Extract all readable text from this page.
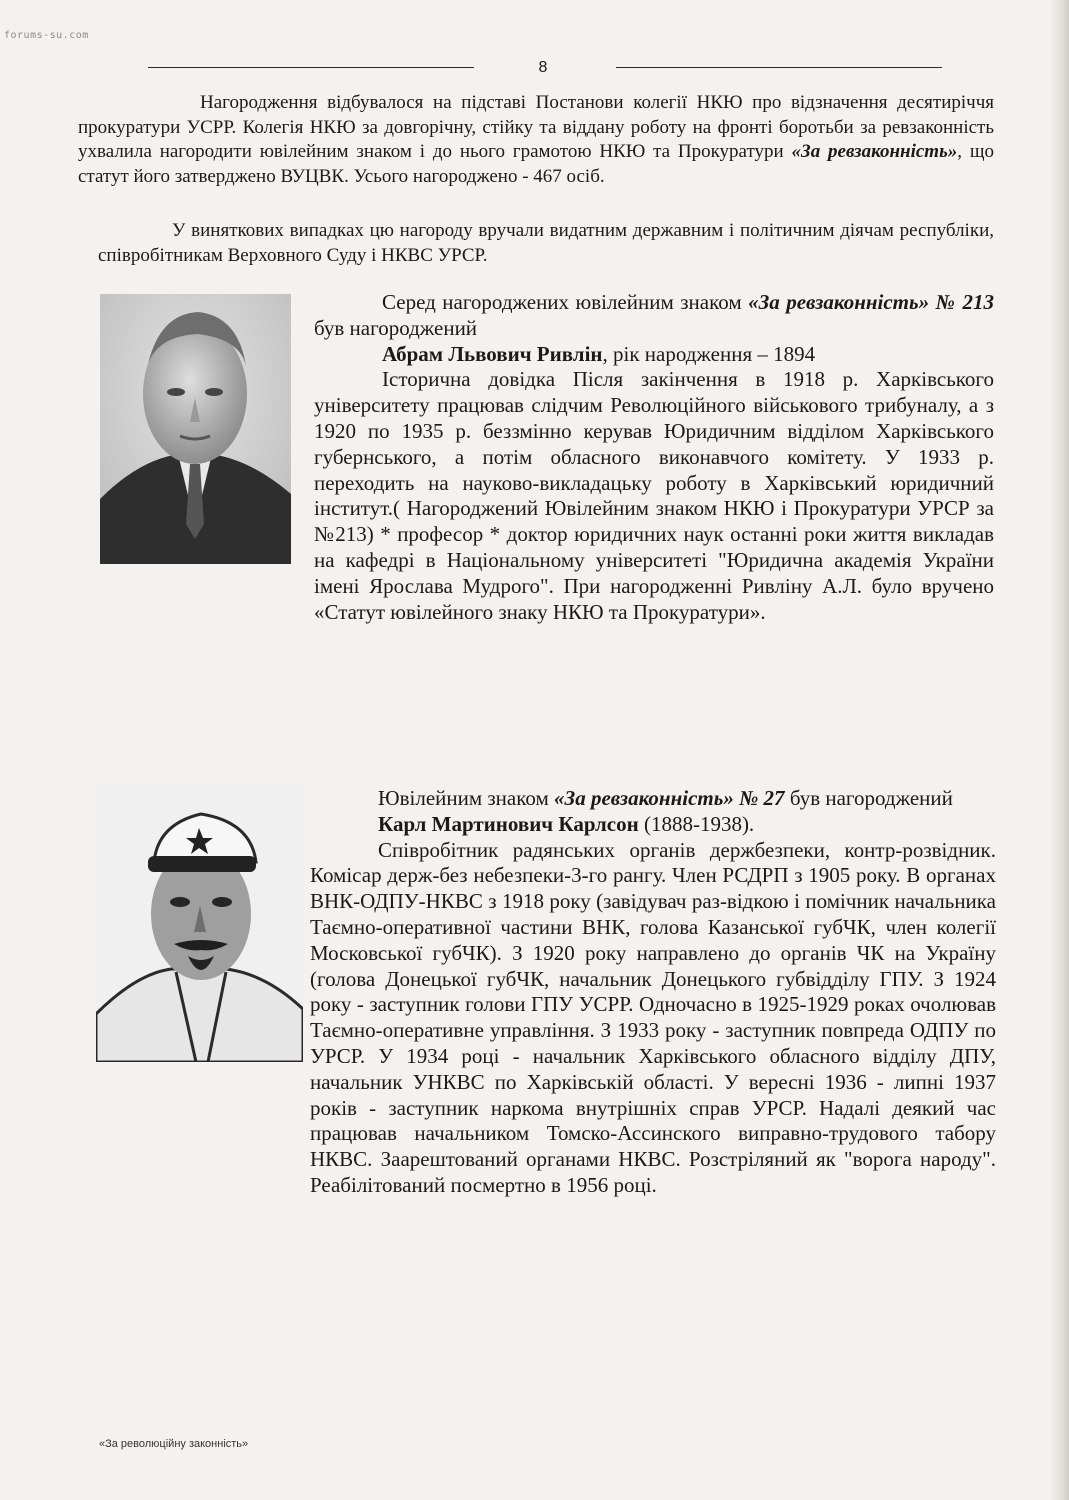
forums-su.com
8
Нагородження відбувалося на підставі Постанови колегії НКЮ про відзначення десятиріччя прокуратури УСРР. Колегія НКЮ за довгорічну, стійку та віддану роботу на фронті боротьби за ревзаконність ухвалила нагородити ювілейним знаком і до нього грамотою НКЮ та Прокуратури «За ревзаконність», що статут його затверджено ВУЦВК. Усього нагороджено - 467 осіб.
У виняткових випадках цю нагороду вручали видатним державним і політичним діячам республіки, співробітникам Верховного Суду і НКВС УРСР.

Серед нагороджених ювілейним знаком «За ревзаконність» № 213 був нагороджений

Абрам Львович Ривлін, рік народження – 1894

Історична довідка Після закінчення в 1918 р. Харківського університету працював слідчим Революційного військового трибуналу, а з 1920 по 1935 р. беззмінно керував Юридичним відділом Харківського губернського, а потім обласного виконавчого комітету. У 1933 р. переходить на науково-викладацьку роботу в Харківський юридичний інститут.( Нагороджений Ювілейним знаком НКЮ і Прокуратури УРСР за №213) * професор * доктор юридичних наук останні роки життя викладав на кафедрі в Національному університеті "Юридична академія України імені Ярослава Мудрого". При нагородженні Ривліну А.Л. було вручено «Статут ювілейного знаку НКЮ та Прокуратури».

Ювілейним знаком «За ревзаконність» № 27 був нагороджений

Карл Мартинович Карлсон (1888-1938).

Співробітник радянських органів держбезпеки, контр-розвідник. Комісар держ-без небезпеки-3-го рангу. Член РСДРП з 1905 року. В органах ВНК-ОДПУ-НКВС з 1918 року (завідувач раз-відкою і помічник начальника Таємно-оперативної частини ВНК, голова Казанської губЧК, член колегії Московської губЧК). З 1920 року направлено до органів ЧК на Україну (голова Донецької губЧК, начальник Донецького губвідділу ГПУ. З 1924 року - заступник голови ГПУ УСРР. Одночасно в 1925-1929 роках очолював Таємно-оперативне управління. З 1933 року - заступник повпреда ОДПУ по УРСР. У 1934 році - начальник Харківського обласного відділу ДПУ, начальник УНКВС по Харківській області. У вересні 1936 - липні 1937 років - заступник наркома внутрішніх справ УРСР. Надалі деякий час працював начальником Томско-Ассинского виправно-трудового табору НКВС. Заарештований органами НКВС. Розстріляний як "ворога народу". Реабілітований посмертно в 1956 році.

«За революційну законність»
